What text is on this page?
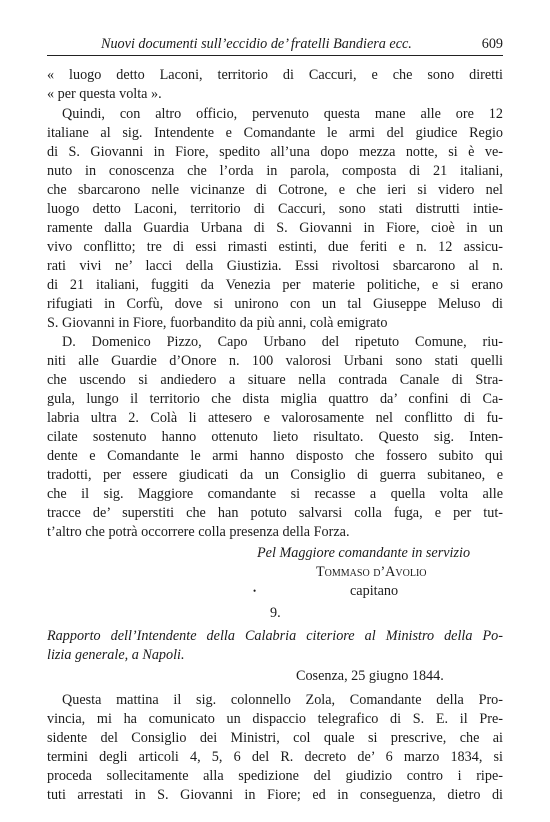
Nuovi documenti sull’eccidio de’ fratelli Bandiera ecc.	609
« luogo detto Laconi, territorio di Caccuri, e che sono diretti
« per questa volta ».
Quindi, con altro officio, pervenuto questa mane alle ore 12
italiane al sig. Intendente e Comandante le armi del giudice Regio
di S. Giovanni in Fiore, spedito all’una dopo mezza notte, si è ve-
nuto in conoscenza che l’orda in parola, composta di 21 italiani,
che sbarcarono nelle vicinanze di Cotrone, e che ieri si videro nel
luogo detto Laconi, territorio di Caccuri, sono stati distrutti intie-
ramente dalla Guardia Urbana di S. Giovanni in Fiore, cioè in un
vivo conflitto; tre di essi rimasti estinti, due feriti e n. 12 assicu-
rati vivi ne’ lacci della Giustizia. Essi rivoltosi sbarcarono al n.
di 21 italiani, fuggiti da Venezia per materie politiche, e si erano
rifugiati in Corfù, dove si unirono con un tal Giuseppe Meluso di
S. Giovanni in Fiore, fuorbandito da più anni, colà emigrato
D. Domenico Pizzo, Capo Urbano del ripetuto Comune, riu-
niti alle Guardie d’Onore n. 100 valorosi Urbani sono stati quelli
che uscendo si andiedero a situare nella contrada Canale di Stra-
gula, lungo il territorio che dista miglia quattro da’ confini di Ca-
labria ultra 2. Colà li attesero e valorosamente nel conflitto di fu-
cilate sostenuto hanno ottenuto lieto risultato. Questo sig. Inten-
dente e Comandante le armi hanno disposto che fossero subito qui
tradotti, per essere giudicati da un Consiglio di guerra subitaneo, e
che il sig. Maggiore comandante si recasse a quella volta alle
tracce de’ superstiti che han potuto salvarsi colla fuga, e per tut-
t’altro che potrà occorrere colla presenza della Forza.
Pel Maggiore comandante in servizio
Tommaso d’Avolio
•	capitano
9.
Rapporto dell’Intendente della Calabria citeriore al Ministro della Po-
lizia generale, a Napoli.
Cosenza, 25 giugno 1844.
Questa mattina il sig. colonnello Zola, Comandante della Pro-
vincia, mi ha comunicato un dispaccio telegrafico di S. E. il Pre-
sidente del Consiglio dei Ministri, col quale si prescrive, che ai
termini degli articoli 4, 5, 6 del R. decreto de’ 6 marzo 1834, si
proceda sollecitamente alla spedizione del giudizio contro i ripe-
tuti arrestati in S. Giovanni in Fiore; ed in conseguenza, dietro di
